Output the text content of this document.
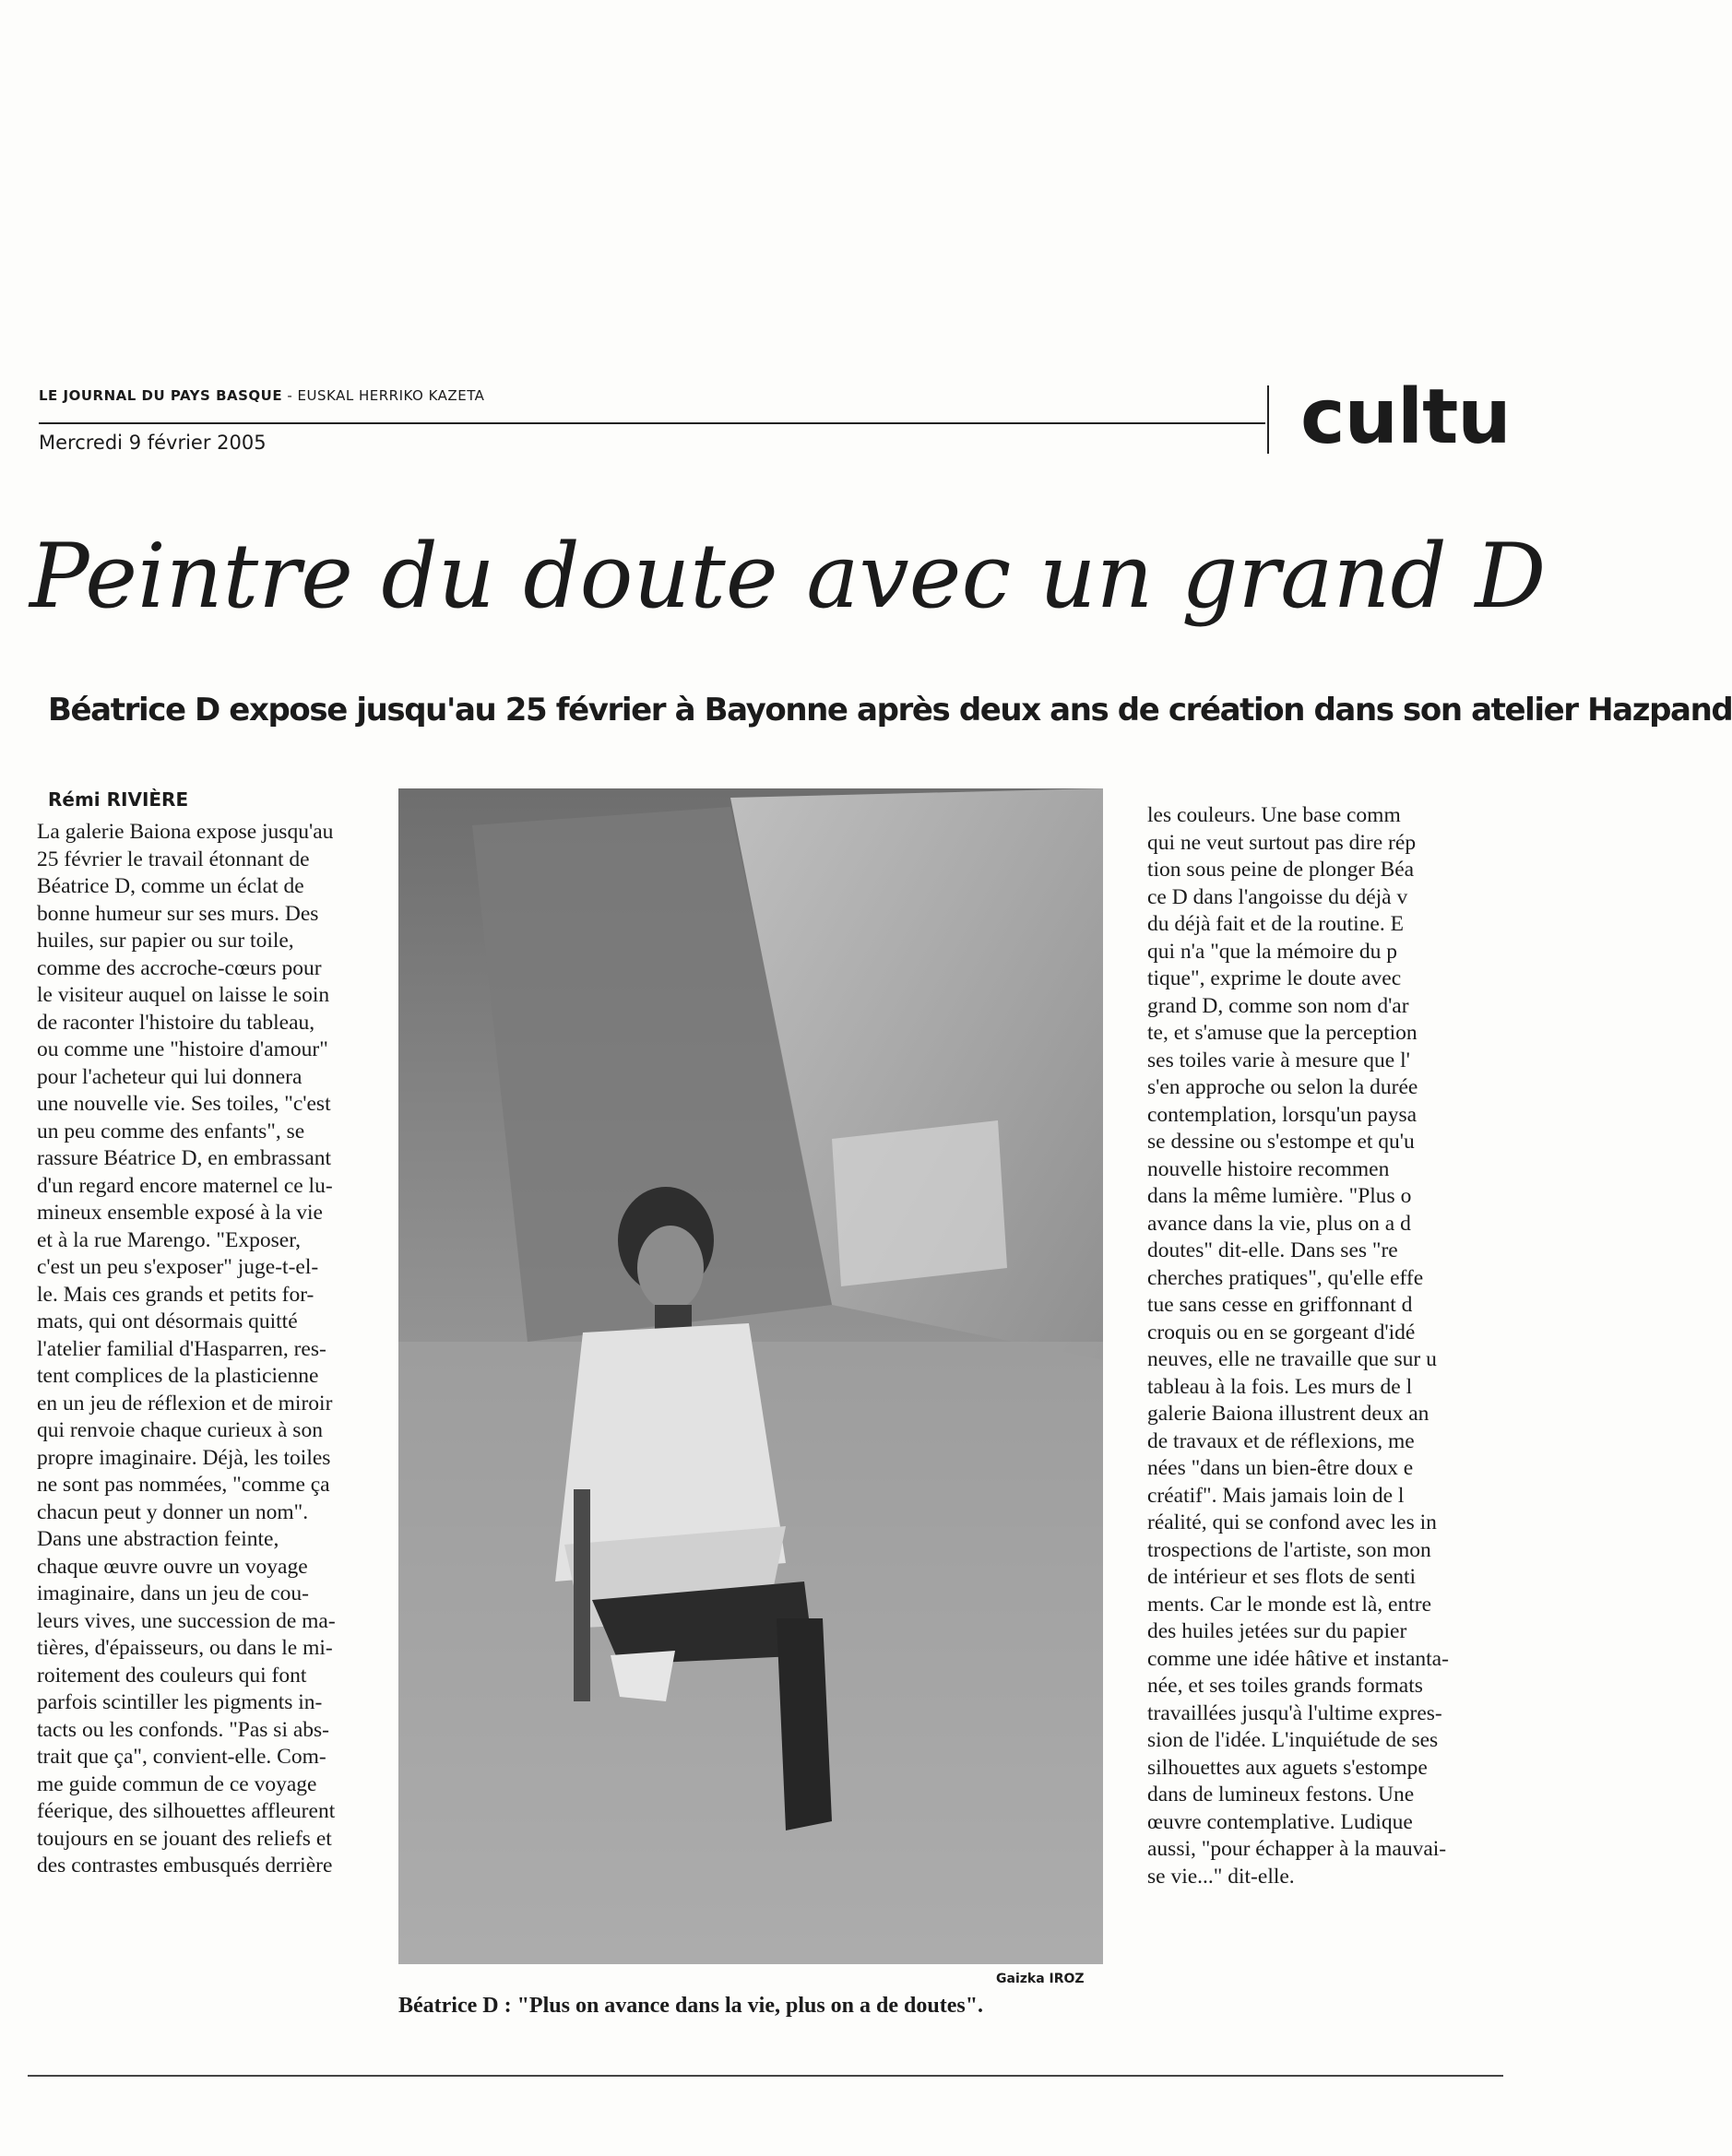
LE JOURNAL DU PAYS BASQUE - EUSKAL HERRIKO KAZETA
Mercredi 9 février 2005	cultu
Peintre du doute avec un grand D
Béatrice D expose jusqu'au 25 février à Bayonne après deux ans de création dans son atelier Hazpand
Rémi RIVIÈRE
La galerie Baiona expose jusqu'au
25 février le travail étonnant de
Béatrice D, comme un éclat de
bonne humeur sur ses murs. Des
huiles, sur papier ou sur toile,
comme des accroche-cœurs pour
le visiteur auquel on laisse le soin
de raconter l'histoire du tableau,
ou comme une "histoire d'amour"
pour l'acheteur qui lui donnera
une nouvelle vie. Ses toiles, "c'est
un peu comme des enfants", se
rassure Béatrice D, en embrassant
d'un regard encore maternel ce lu-
mineux ensemble exposé à la vie
et à la rue Marengo. "Exposer,
c'est un peu s'exposer" juge-t-el-
le. Mais ces grands et petits for-
mats, qui ont désormais quitté
l'atelier familial d'Hasparren, res-
tent complices de la plasticienne
en un jeu de réflexion et de miroir
qui renvoie chaque curieux à son
propre imaginaire. Déjà, les toiles
ne sont pas nommées, "comme ça
chacun peut y donner un nom".
Dans une abstraction feinte,
chaque œuvre ouvre un voyage
imaginaire, dans un jeu de cou-
leurs vives, une succession de ma-
tières, d'épaisseurs, ou dans le mi-
roitement des couleurs qui font
parfois scintiller les pigments in-
tacts ou les confonds. "Pas si abs-
trait que ça", convient-elle. Com-
me guide commun de ce voyage
féerique, des silhouettes affleurent
toujours en se jouant des reliefs et
des contrastes embusqués derrière
Gaizka IROZ
Béatrice D : "Plus on avance dans la vie, plus on a de doutes".
les couleurs. Une base comm
qui ne veut surtout pas dire rép
tion sous peine de plonger Béa
ce D dans l'angoisse du déjà v
du déjà fait et de la routine. E
qui n'a "que la mémoire du p
tique", exprime le doute avec
grand D, comme son nom d'ar
te, et s'amuse que la perception
ses toiles varie à mesure que l'
s'en approche ou selon la durée
contemplation, lorsqu'un paysa
se dessine ou s'estompe et qu'u
nouvelle histoire recommen
dans la même lumière. "Plus o
avance dans la vie, plus on a d
doutes" dit-elle. Dans ses "re
cherches pratiques", qu'elle effe
tue sans cesse en griffonnant d
croquis ou en se gorgeant d'idé
neuves, elle ne travaille que sur u
tableau à la fois. Les murs de l
galerie Baiona illustrent deux an
de travaux et de réflexions, me
nées "dans un bien-être doux e
créatif". Mais jamais loin de l
réalité, qui se confond avec les in
trospections de l'artiste, son mon
de intérieur et ses flots de senti
ments. Car le monde est là, entre
des huiles jetées sur du papier
comme une idée hâtive et instanta-
née, et ses toiles grands formats
travaillées jusqu'à l'ultime expres-
sion de l'idée. L'inquiétude de ses
silhouettes aux aguets s'estompe
dans de lumineux festons. Une
œuvre contemplative. Ludique
aussi, "pour échapper à la mauvai-
se vie..." dit-elle.
